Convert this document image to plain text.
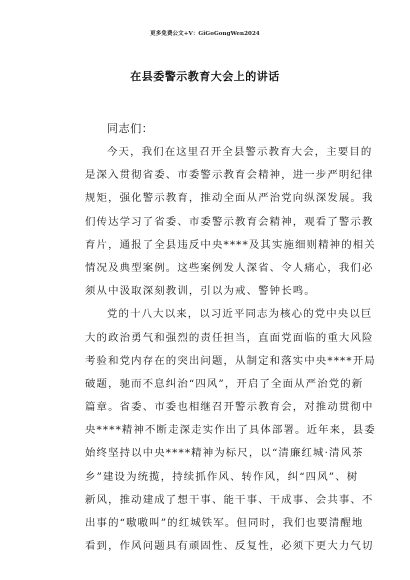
更多免费公文+V：GiGoGongWen2024
在县委警示教育大会上的讲话
同志们：
今天，我们在这里召开全县警示教育大会，主要目的
是深入贯彻省委、市委警示教育会精神，进一步严明纪律
规矩，强化警示教育，推动全面从严治党向纵深发展。我
们传达学习了省委、市委警示教育会精神，观看了警示教
育片，通报了全县违反中央****及其实施细则精神的相关
情况及典型案例。这些案例发人深省、令人痛心，我们必
须从中汲取深刻教训，引以为戒、警钟长鸣。
党的十八大以来，以习近平同志为核心的党中央以巨
大的政治勇气和强烈的责任担当，直面党面临的重大风险
考验和党内存在的突出问题，从制定和落实中央****开局
破题，驰而不息纠治“四风”，开启了全面从严治党的新
篇章。省委、市委也相继召开警示教育会，对推动贯彻中
央****精神不断走深走实作出了具体部署。近年来，县委
始终坚持以中央****精神为标尺，以“清廉红城·清风茶
乡”建设为统揽，持续抓作风、转作风，纠“四风”、树
新风，推动建成了想干事、能干事、干成事、会共事、不
出事的“嗷嗷叫”的红城铁军。但同时，我们也要清醒地
看到，作风问题具有顽固性、反复性，必须下更大力气切
